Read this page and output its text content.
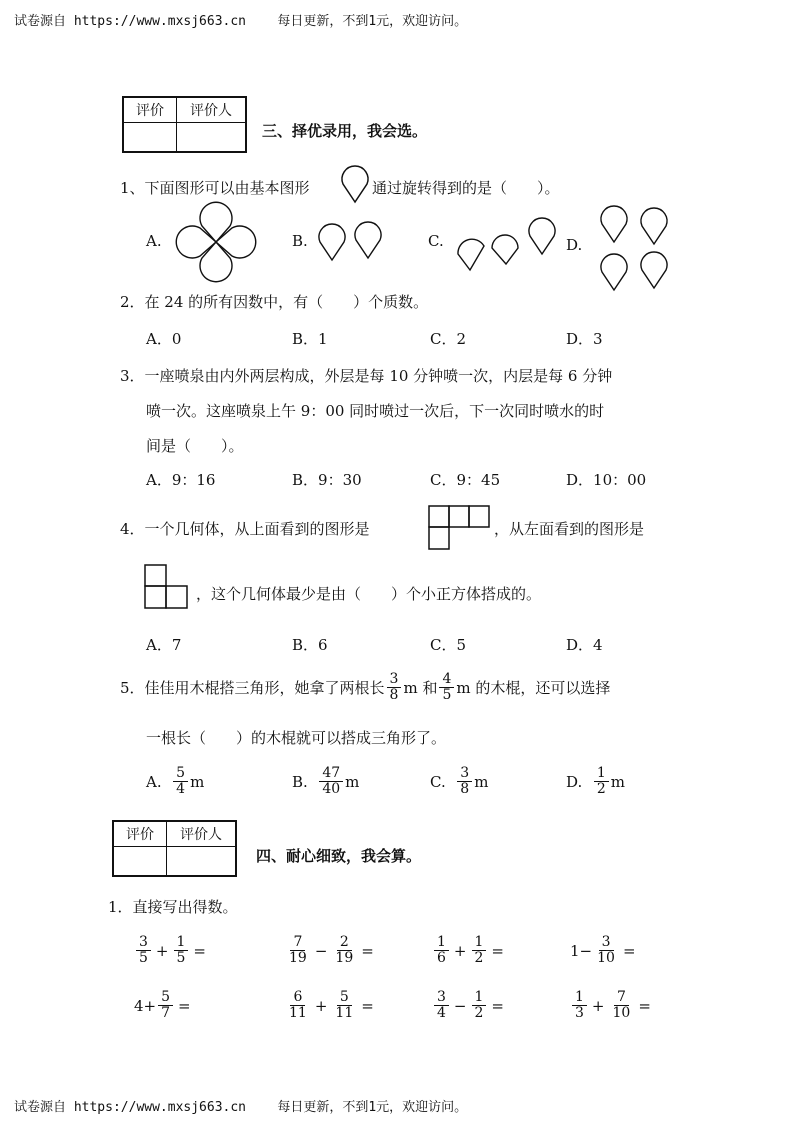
试卷源自 https://www.mxsj663.cn 每日更新，不到1元，欢迎访问。
评价	评价人

三、择优录用，我会选。
1、下面图形可以由基本图形	通过旋转得到的是（　　）。
A.	B.	C.	D.
2．在 24 的所有因数中，有（　　）个质数。
A．0	B．1	C．2	D．3
3．一座喷泉由内外两层构成，外层是每 10 分钟喷一次，内层是每 6 分钟
喷一次。这座喷泉上午 9：00 同时喷过一次后，下一次同时喷水的时
间是（　　）。
A．9：16	B．9：30	C．9：45	D．10：00
4．一个几何体，从上面看到的图形是	，从左面看到的图形是
，这个几何体最少是由（　　）个小正方体搭成的。
A．7	B．6	C．5	D．4
5．佳佳用木棍搭三角形，她拿了两根长 $\frac{3}{8}$ m 和 $\frac{4}{5}$ m 的木棍，还可以选择
一根长（　　）的木棍就可以搭成三角形了。
A.
$\frac{5}{4}$ m	B.
$\frac{47}{40}$ m	C.
$\frac{3}{8}$ m	D.
$\frac{1}{2}$ m
评价	评价人

四、耐心细致，我会算。
1．直接写出得数。
$\frac{3}{5} + \frac{1}{5}$ =	$\frac{7}{19} - \frac{2}{19}$ =	$\frac{1}{6} + \frac{1}{2}$ =	$1- \frac{3}{10}$ =
$4+ \frac{5}{7}$ =	$\frac{6}{11} + \frac{5}{11}$ =	$\frac{3}{4} - \frac{1}{2}$ =	$\frac{1}{3} + \frac{7}{10}$ =
试卷源自 https://www.mxsj663.cn 每日更新，不到1元，欢迎访问。
